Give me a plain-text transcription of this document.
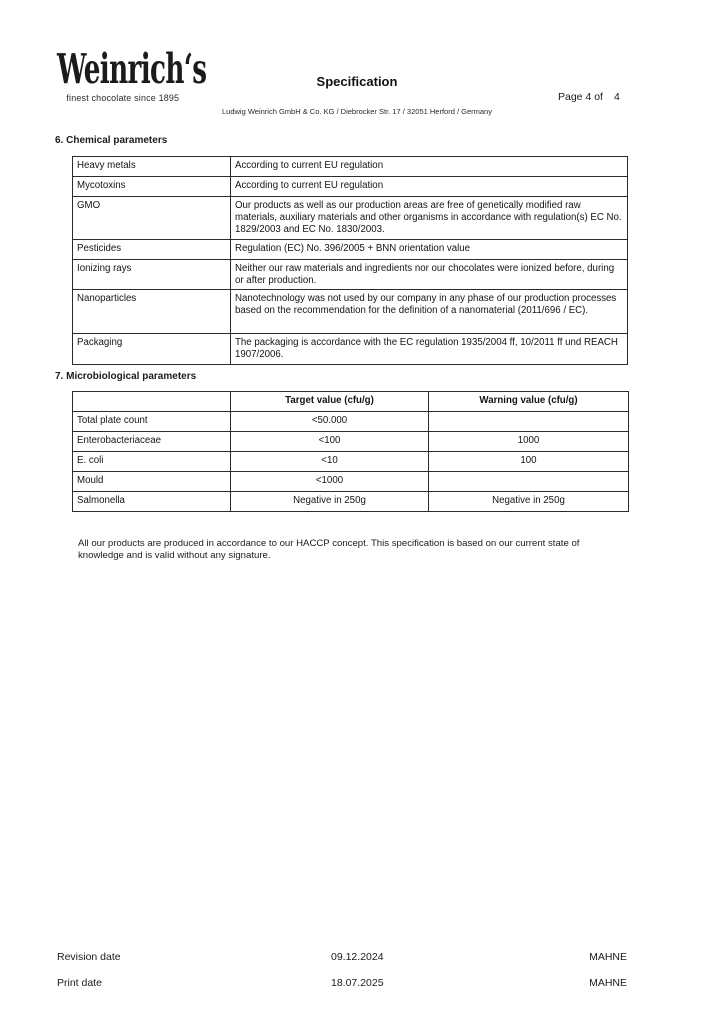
Weinrich‘s
finest chocolate since 1895
Specification
Page 4 of 4
Ludwig Weinrich GmbH & Co. KG / Diebrocker Str. 17 / 32051 Herford / Germany
6. Chemical parameters
Heavy metals	According to current EU regulation
Mycotoxins	According to current EU regulation
GMO	Our products as well as our production areas are free of genetically modified raw materials, auxiliary materials and other organisms in accordance with regulation(s) EC No. 1829/2003 and EC No. 1830/2003.
Pesticides	Regulation (EC) No. 396/2005 + BNN orientation value
Ionizing rays	Neither our raw materials and ingredients nor our chocolates were ionized before, during or after production.
Nanoparticles	Nanotechnology was not used by our company in any phase of our production processes based on the recommendation for the definition of a nanomaterial (2011/696 / EC).
Packaging	The packaging is accordance with the EC regulation 1935/2004 ff, 10/2011 ff und REACH 1907/2006.
7. Microbiological parameters
	Target value (cfu/g)	Warning value (cfu/g)
Total plate count	<50.000	
Enterobacteriaceae	<100	1000
E. coli	<10	100
Mould	<1000	
Salmonella	Negative in 250g	Negative in 250g
All our products are produced in accordance to our HACCP concept. This specification is based on our current state of knowledge and is valid without any signature.
Revision date	09.12.2024	MAHNE
Print date	18.07.2025	MAHNE
